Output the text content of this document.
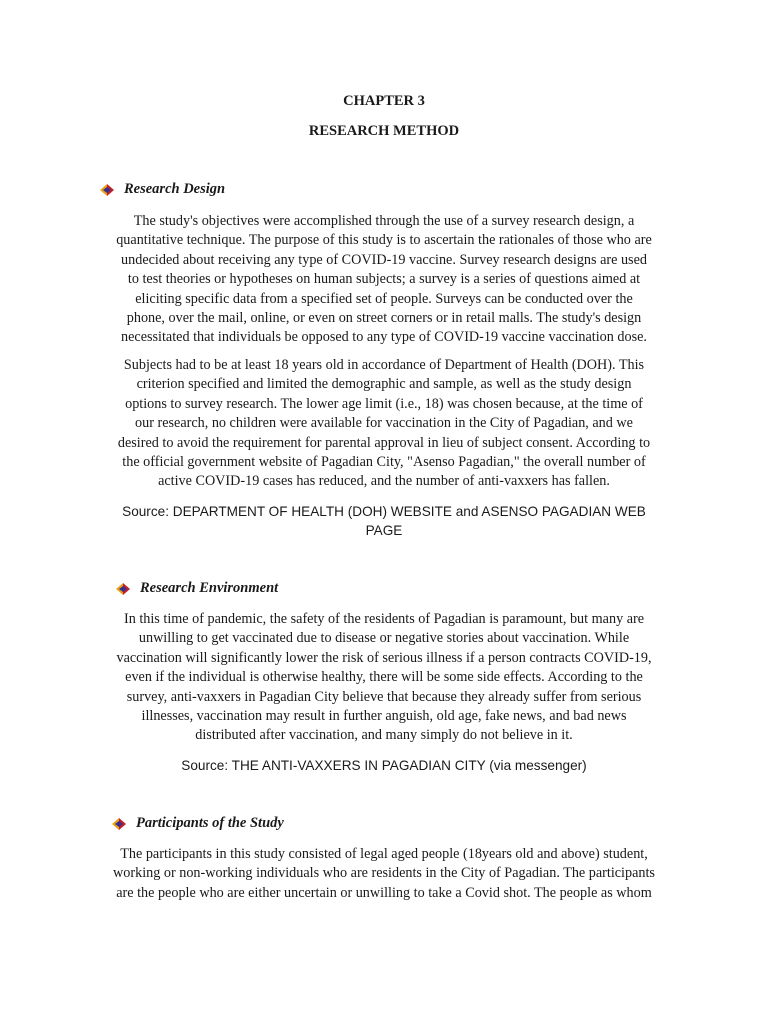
CHAPTER 3
RESEARCH METHOD
Research Design
The study's objectives were accomplished through the use of a survey research design, a
quantitative technique. The purpose of this study is to ascertain the rationales of those who are
undecided about receiving any type of COVID-19 vaccine. Survey research designs are used
to test theories or hypotheses on human subjects; a survey is a series of questions aimed at
eliciting specific data from a specified set of people. Surveys can be conducted over the
phone, over the mail, online, or even on street corners or in retail malls. The study's design
necessitated that individuals be opposed to any type of COVID-19 vaccine vaccination dose.
Subjects had to be at least 18 years old in accordance of Department of Health (DOH). This
criterion specified and limited the demographic and sample, as well as the study design
options to survey research. The lower age limit (i.e., 18) was chosen because, at the time of
our research, no children were available for vaccination in the City of Pagadian, and we
desired to avoid the requirement for parental approval in lieu of subject consent. According to
the official government website of Pagadian City, "Asenso Pagadian," the overall number of
active COVID-19 cases has reduced, and the number of anti-vaxxers has fallen.
Source: DEPARTMENT OF HEALTH (DOH) WEBSITE and ASENSO PAGADIAN WEB
PAGE
Research Environment
In this time of pandemic, the safety of the residents of Pagadian is paramount, but many are
unwilling to get vaccinated due to disease or negative stories about vaccination. While
vaccination will significantly lower the risk of serious illness if a person contracts COVID-19,
even if the individual is otherwise healthy, there will be some side effects. According to the
survey, anti-vaxxers in Pagadian City believe that because they already suffer from serious
illnesses, vaccination may result in further anguish, old age, fake news, and bad news
distributed after vaccination, and many simply do not believe in it.
Source: THE ANTI-VAXXERS IN PAGADIAN CITY (via messenger)
Participants of the Study
The participants in this study consisted of legal aged people (18years old and above) student,
working or non-working individuals who are residents in the City of Pagadian. The participants
are the people who are either uncertain or unwilling to take a Covid shot. The people as whom
